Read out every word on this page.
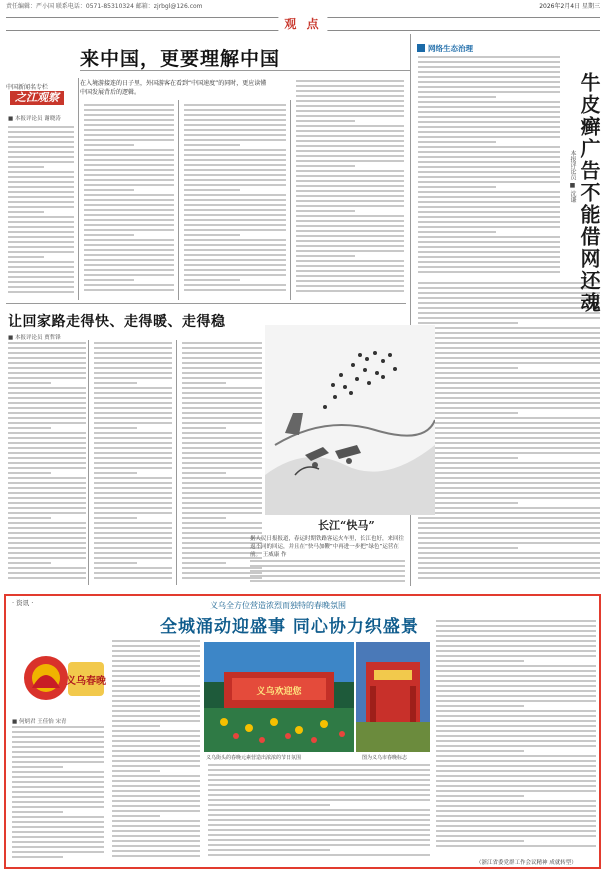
责任编辑：严小国 联系电话：0571-85310324 邮箱：zjrbgl@126.com	2026年2月4日 星期三
观 点
来中国，更要理解中国
中国新闻名专栏
之江观察
■ 本报评论员 谢晓涛
在入境游接连的日子里，外国游客在看到“中国速度”的同时，更应读懂中国发展背后的逻辑。
网络生态治理
牛皮癣广告不能借网还魂
本报评论员 ■ 沈谦
让回家路走得快、走得暖、走得稳
■ 本报评论员 贾哲锋
长江“快马”
据人民日报报道，春运时期铁路客运火车里，长江也好，来回往返不同的回运，并且在“快马加鞭”中再进一步把“绿色”运营在前。 王威康 作
· 资讯 ·	义乌全方位营造浓烈而独特的春晚氛围
全城涌动迎盛事 同心协力织盛景
义乌春晚
■ 何炳君 王佳怡 宋青
义乌欢迎您
义乌街头的春晚元素营造出浓浓的节日氛围	图为义乌市春晚标志
（浙江省委党群工作会议精神 成就转型）
